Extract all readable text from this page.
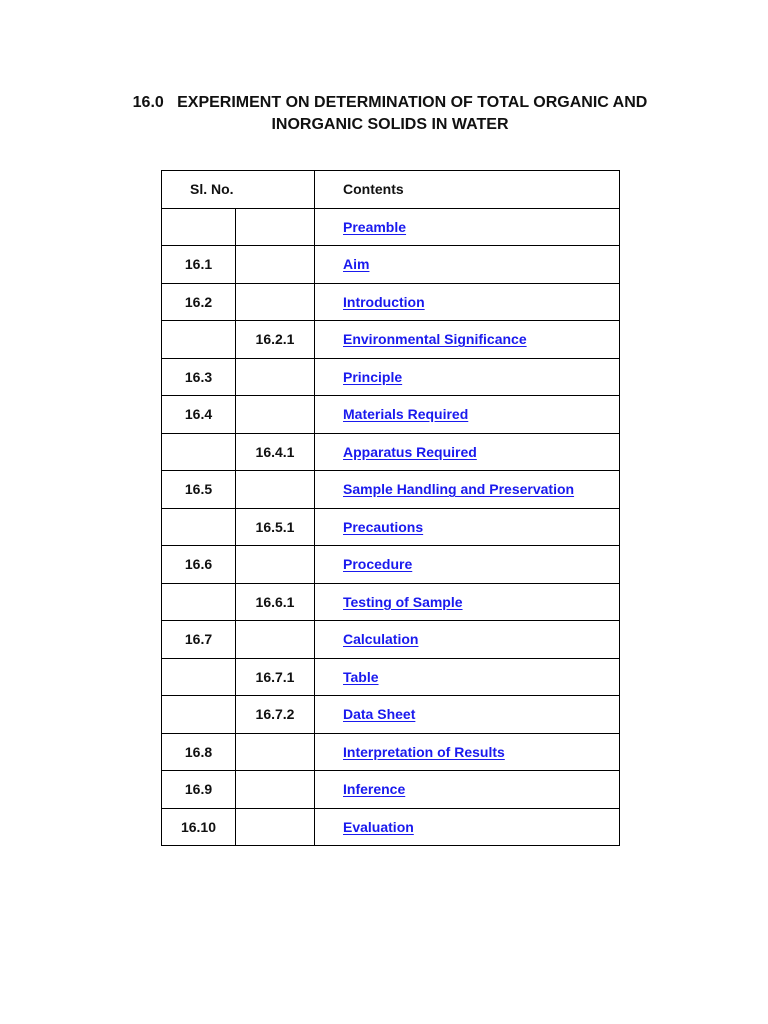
16.0   EXPERIMENT ON DETERMINATION OF TOTAL ORGANIC AND
INORGANIC SOLIDS IN WATER
Sl. No.		Contents
		Preamble
16.1		Aim
16.2		Introduction
	16.2.1	Environmental Significance
16.3		Principle
16.4		Materials Required
	16.4.1	Apparatus Required
16.5		Sample Handling and Preservation
	16.5.1	Precautions
16.6		Procedure
	16.6.1	Testing of Sample
16.7		Calculation
	16.7.1	Table
	16.7.2	Data Sheet
16.8		Interpretation of Results
16.9		Inference
16.10		Evaluation
